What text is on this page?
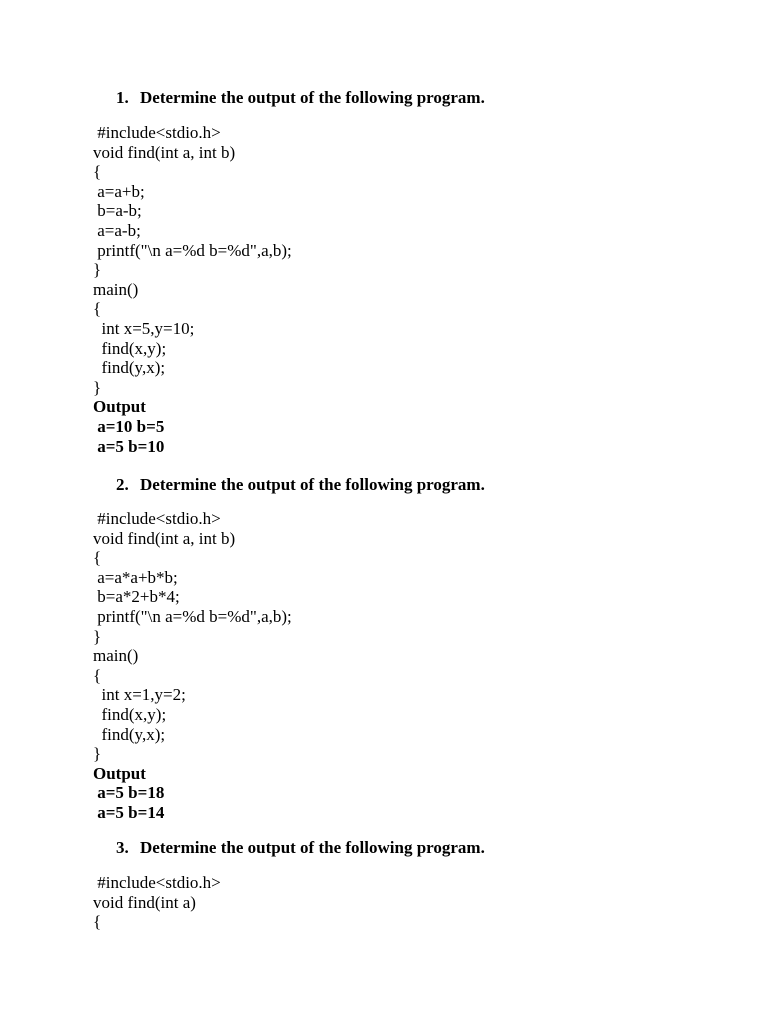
1. Determine the output of the following program.
#include<stdio.h>
void find(int a, int b)
{
a=a+b;
b=a-b;
a=a-b;
printf("\n a=%d b=%d",a,b);
}
main()
{
int x=5,y=10;
find(x,y);
find(y,x);
}
Output
a=10 b=5
a=5 b=10
2. Determine the output of the following program.
#include<stdio.h>
void find(int a, int b)
{
a=a*a+b*b;
b=a*2+b*4;
printf("\n a=%d b=%d",a,b);
}
main()
{
int x=1,y=2;
find(x,y);
find(y,x);
}
Output
a=5 b=18
a=5 b=14
3. Determine the output of the following program.
#include<stdio.h>
void find(int a)
{
